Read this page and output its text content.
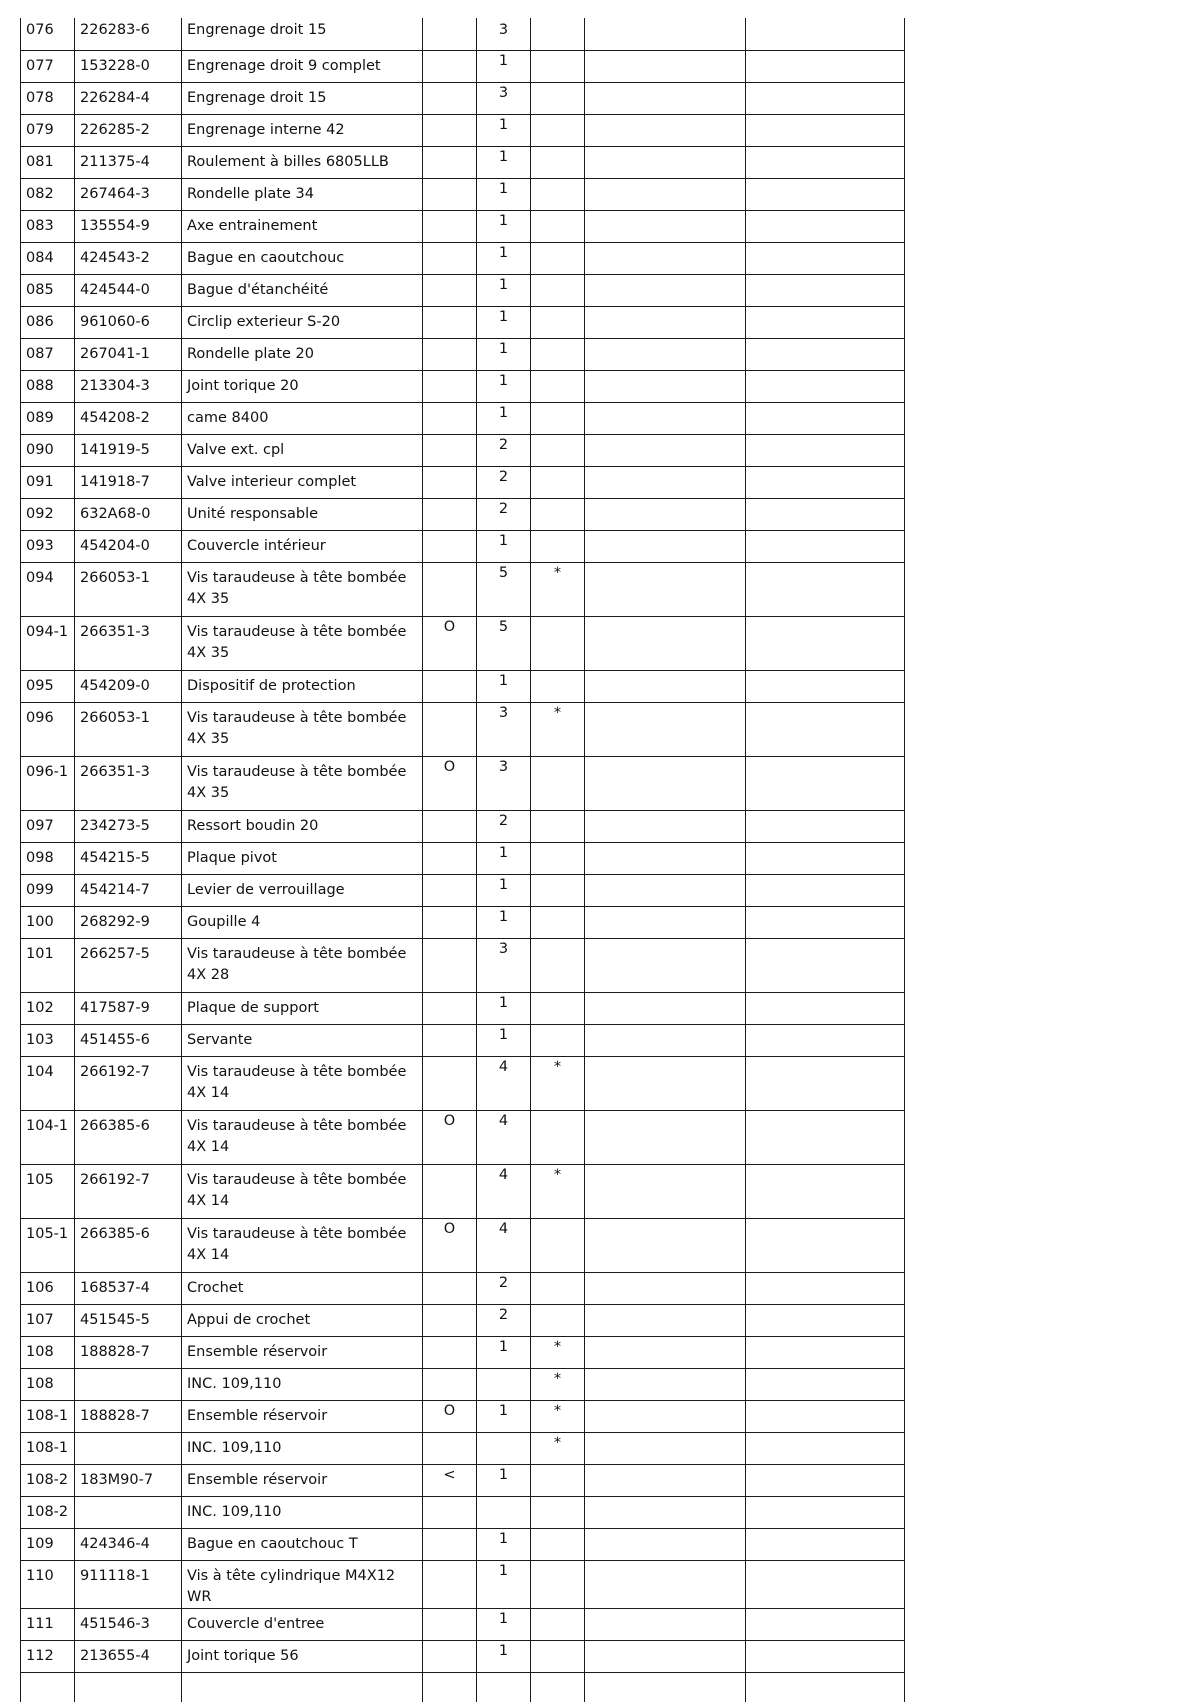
076	226283-6	Engrenage droit 15		3			
077	153228-0	Engrenage droit 9 complet		1			
078	226284-4	Engrenage droit 15		3			
079	226285-2	Engrenage interne 42		1			
081	211375-4	Roulement à billes 6805LLB		1			
082	267464-3	Rondelle plate 34		1			
083	135554-9	Axe entrainement		1			
084	424543-2	Bague en caoutchouc		1			
085	424544-0	Bague d'étanchéité		1			
086	961060-6	Circlip exterieur S-20		1			
087	267041-1	Rondelle plate 20		1			
088	213304-3	Joint torique 20		1			
089	454208-2	came 8400		1			
090	141919-5	Valve ext. cpl		2			
091	141918-7	Valve interieur complet		2			
092	632A68-0	Unité responsable		2			
093	454204-0	Couvercle intérieur		1			
094	266053-1	Vis taraudeuse à tête bombée 4X 35		5	*		
094-1	266351-3	Vis taraudeuse à tête bombée 4X 35	O	5			
095	454209-0	Dispositif de protection		1			
096	266053-1	Vis taraudeuse à tête bombée 4X 35		3	*		
096-1	266351-3	Vis taraudeuse à tête bombée 4X 35	O	3			
097	234273-5	Ressort boudin 20		2			
098	454215-5	Plaque pivot		1			
099	454214-7	Levier de verrouillage		1			
100	268292-9	Goupille 4		1			
101	266257-5	Vis taraudeuse à tête bombée 4X 28		3			
102	417587-9	Plaque de support		1			
103	451455-6	Servante		1			
104	266192-7	Vis taraudeuse à tête bombée 4X 14		4	*		
104-1	266385-6	Vis taraudeuse à tête bombée 4X 14	O	4			
105	266192-7	Vis taraudeuse à tête bombée 4X 14		4	*		
105-1	266385-6	Vis taraudeuse à tête bombée 4X 14	O	4			
106	168537-4	Crochet		2			
107	451545-5	Appui de crochet		2			
108	188828-7	Ensemble réservoir		1	*		
108		INC. 109,110			*		
108-1	188828-7	Ensemble réservoir	O	1	*		
108-1		INC. 109,110			*		
108-2	183M90-7	Ensemble réservoir	<	1			
108-2		INC. 109,110					
109	424346-4	Bague en caoutchouc T		1			
110	911118-1	Vis à tête cylindrique M4X12 WR		1			
111	451546-3	Couvercle d'entree		1			
112	213655-4	Joint torique 56		1			
